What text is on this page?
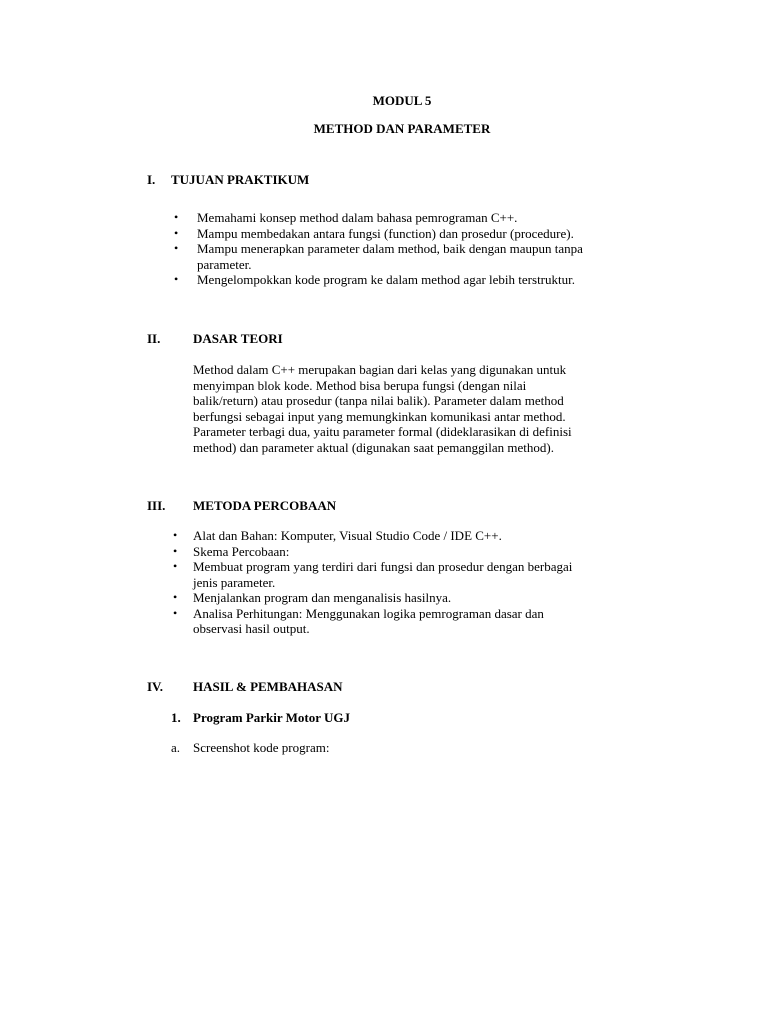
MODUL 5
METHOD DAN PARAMETER
I. TUJUAN PRAKTIKUM
• Memahami konsep method dalam bahasa pemrograman C++.
• Mampu membedakan antara fungsi (function) dan prosedur (procedure).
• Mampu menerapkan parameter dalam method, baik dengan maupun tanpa
parameter.
• Mengelompokkan kode program ke dalam method agar lebih terstruktur.
II.	DASAR TEORI
Method dalam C++ merupakan bagian dari kelas yang digunakan untuk
menyimpan blok kode. Method bisa berupa fungsi (dengan nilai
balik/return) atau prosedur (tanpa nilai balik). Parameter dalam method
berfungsi sebagai input yang memungkinkan komunikasi antar method.
Parameter terbagi dua, yaitu parameter formal (dideklarasikan di definisi
method) dan parameter aktual (digunakan saat pemanggilan method).
III. METODA PERCOBAAN
• Alat dan Bahan: Komputer, Visual Studio Code / IDE C++.
• Skema Percobaan:
• Membuat program yang terdiri dari fungsi dan prosedur dengan berbagai
jenis parameter.
• Menjalankan program dan menganalisis hasilnya.
• Analisa Perhitungan: Menggunakan logika pemrograman dasar dan
observasi hasil output.
IV. HASIL & PEMBAHASAN
1. Program Parkir Motor UGJ
a. Screenshot kode program:
